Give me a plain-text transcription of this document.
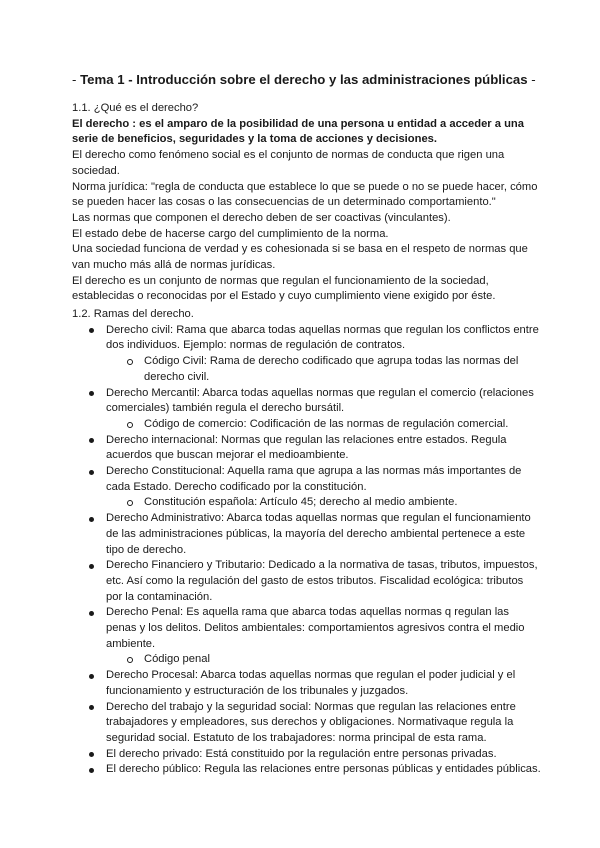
- Tema 1 - Introducción sobre el derecho y las administraciones públicas -

1.1. ¿Qué es el derecho?

El derecho : es el amparo de la posibilidad de una persona u entidad a acceder a una serie de beneficios, seguridades y la toma de acciones y decisiones.

El derecho como fenómeno social es el conjunto de normas de conducta que rigen una sociedad.

Norma jurídica: "regla de conducta que establece lo que se puede o no se puede hacer, cómo se pueden hacer las cosas o las consecuencias de un determinado comportamiento."

Las normas que componen el derecho deben de ser coactivas (vinculantes).

El estado debe de hacerse cargo del cumplimiento de la norma.

Una sociedad funciona de verdad y es cohesionada si se basa en el respeto de normas que van mucho más allá de normas jurídicas.

El derecho es un conjunto de normas que regulan el funcionamiento de la sociedad, establecidas o reconocidas por el Estado y cuyo cumplimiento viene exigido por éste.

1.2. Ramas del derecho.

Derecho civil: Rama que abarca todas aquellas normas que regulan los conflictos entre dos individuos. Ejemplo: normas de regulación de contratos.
Código Civil: Rama de derecho codificado que agrupa todas las normas del derecho civil.
Derecho Mercantil: Abarca todas aquellas normas que regulan el comercio (relaciones comerciales) también regula el derecho bursátil.
Código de comercio: Codificación de las normas de regulación comercial.
Derecho internacional: Normas que regulan las relaciones entre estados. Regula acuerdos que buscan mejorar el medioambiente.
Derecho Constitucional: Aquella rama que agrupa a las normas más importantes de cada Estado. Derecho codificado por la constitución.
Constitución española: Artículo 45; derecho al medio ambiente.
Derecho Administrativo: Abarca todas aquellas normas que regulan el funcionamiento de las administraciones públicas, la mayoría del derecho ambiental pertenece a este tipo de derecho.
Derecho Financiero y Tributario: Dedicado a la normativa de tasas, tributos, impuestos, etc. Así como la regulación del gasto de estos tributos. Fiscalidad ecológica: tributos por la contaminación.
Derecho Penal: Es aquella rama que abarca todas aquellas normas q regulan las penas y los delitos. Delitos ambientales: comportamientos agresivos contra el medio ambiente.
Código penal
Derecho Procesal: Abarca todas aquellas normas que regulan el poder judicial y el funcionamiento y estructuración de los tribunales y juzgados.
Derecho del trabajo y la seguridad social: Normas que regulan las relaciones entre trabajadores y empleadores, sus derechos y obligaciones. Normativaque regula la seguridad social. Estatuto de los trabajadores: norma principal de esta rama.
El derecho privado: Está constituido por la regulación entre personas privadas.
El derecho público: Regula las relaciones entre personas públicas y entidades públicas.
